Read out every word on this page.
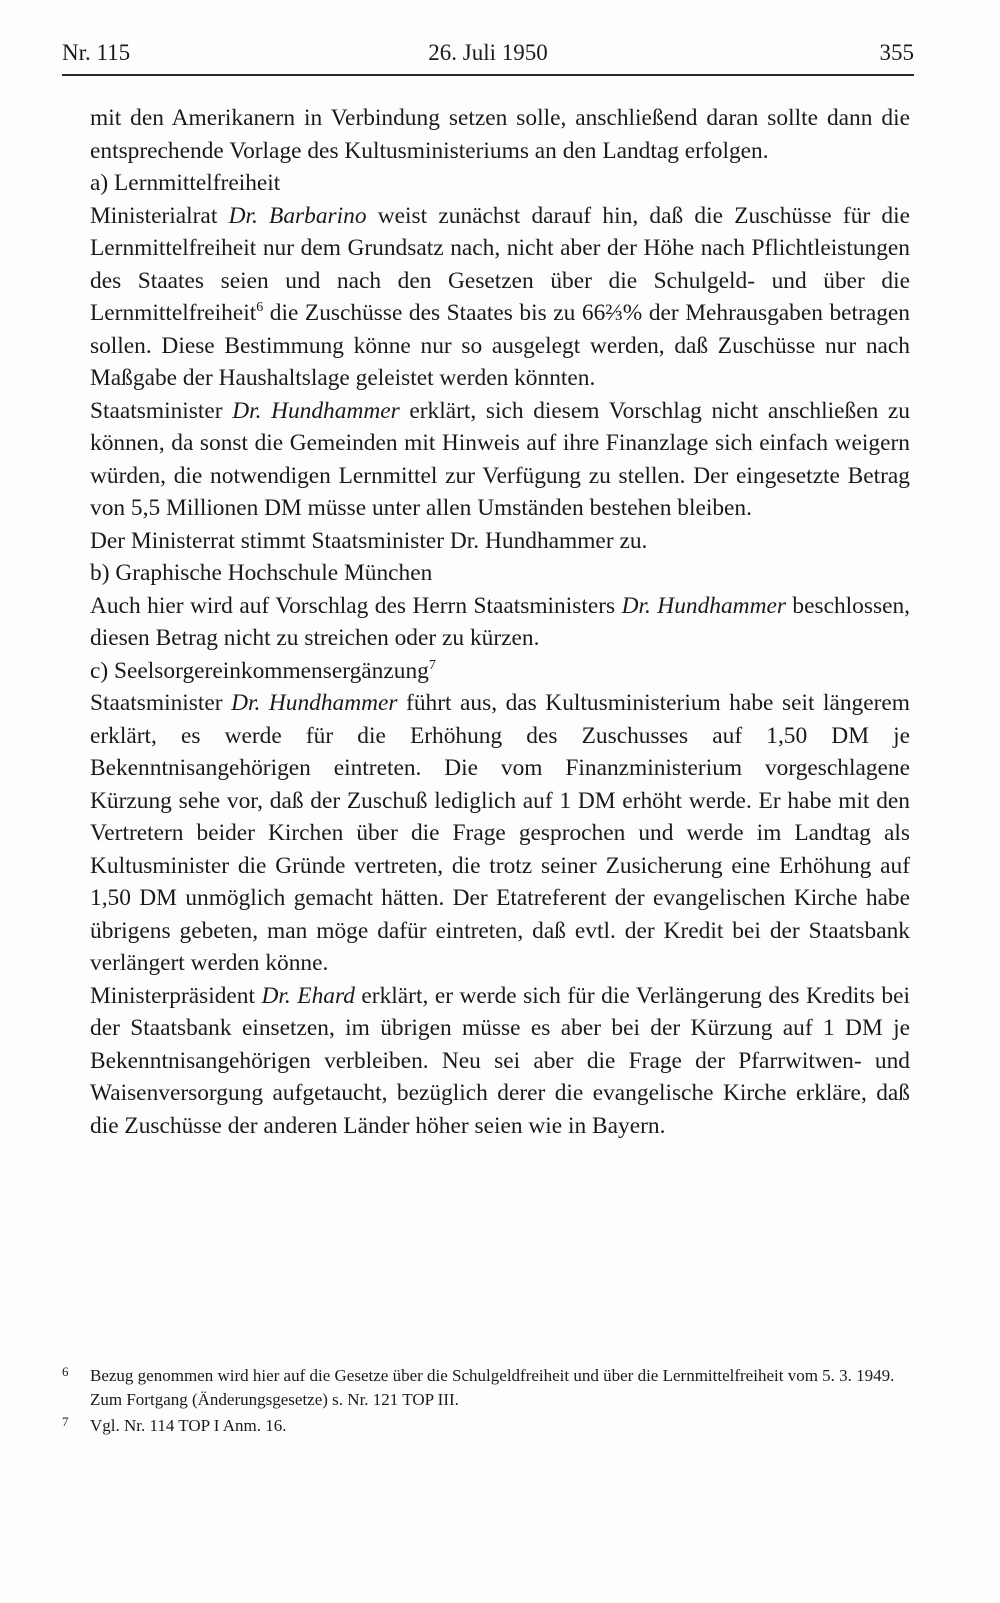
Nr. 115	26. Juli 1950	355

mit den Amerikanern in Verbindung setzen solle, anschließend daran sollte dann die entsprechende Vorlage des Kultusministeriums an den Landtag erfolgen.

a) Lernmittelfreiheit

Ministerialrat Dr. Barbarino weist zunächst darauf hin, daß die Zuschüsse für die Lernmittelfreiheit nur dem Grundsatz nach, nicht aber der Höhe nach Pflichtleistungen des Staates seien und nach den Gesetzen über die Schulgeld- und über die Lernmittelfreiheit$^6$ die Zuschüsse des Staates bis zu 66⅔% der Mehrausgaben betragen sollen. Diese Bestimmung könne nur so ausgelegt werden, daß Zuschüsse nur nach Maßgabe der Haushaltslage geleistet werden könnten.

Staatsminister Dr. Hundhammer erklärt, sich diesem Vorschlag nicht anschließen zu können, da sonst die Gemeinden mit Hinweis auf ihre Finanzlage sich einfach weigern würden, die notwendigen Lernmittel zur Verfügung zu stellen. Der eingesetzte Betrag von 5,5 Millionen DM müsse unter allen Umständen bestehen bleiben.

Der Ministerrat stimmt Staatsminister Dr. Hundhammer zu.

b) Graphische Hochschule München

Auch hier wird auf Vorschlag des Herrn Staatsministers Dr. Hundhammer beschlossen, diesen Betrag nicht zu streichen oder zu kürzen.

c) Seelsorgereinkommensergänzung$^7$

Staatsminister Dr. Hundhammer führt aus, das Kultusministerium habe seit längerem erklärt, es werde für die Erhöhung des Zuschusses auf 1,50 DM je Bekenntnisangehörigen eintreten. Die vom Finanzministerium vorgeschlagene Kürzung sehe vor, daß der Zuschuß lediglich auf 1 DM erhöht werde. Er habe mit den Vertretern beider Kirchen über die Frage gesprochen und werde im Landtag als Kultusminister die Gründe vertreten, die trotz seiner Zusicherung eine Erhöhung auf 1,50 DM unmöglich gemacht hätten. Der Etatreferent der evangelischen Kirche habe übrigens gebeten, man möge dafür eintreten, daß evtl. der Kredit bei der Staatsbank verlängert werden könne.

Ministerpräsident Dr. Ehard erklärt, er werde sich für die Verlängerung des Kredits bei der Staatsbank einsetzen, im übrigen müsse es aber bei der Kürzung auf 1 DM je Bekenntnisangehörigen verbleiben. Neu sei aber die Frage der Pfarrwitwen- und Waisenversorgung aufgetaucht, bezüglich derer die evangelische Kirche erkläre, daß die Zuschüsse der anderen Länder höher seien wie in Bayern.

6 Bezug genommen wird hier auf die Gesetze über die Schulgeldfreiheit und über die Lernmittelfreiheit vom 5. 3. 1949. Zum Fortgang (Änderungsgesetze) s. Nr. 121 TOP III.
7 Vgl. Nr. 114 TOP I Anm. 16.
